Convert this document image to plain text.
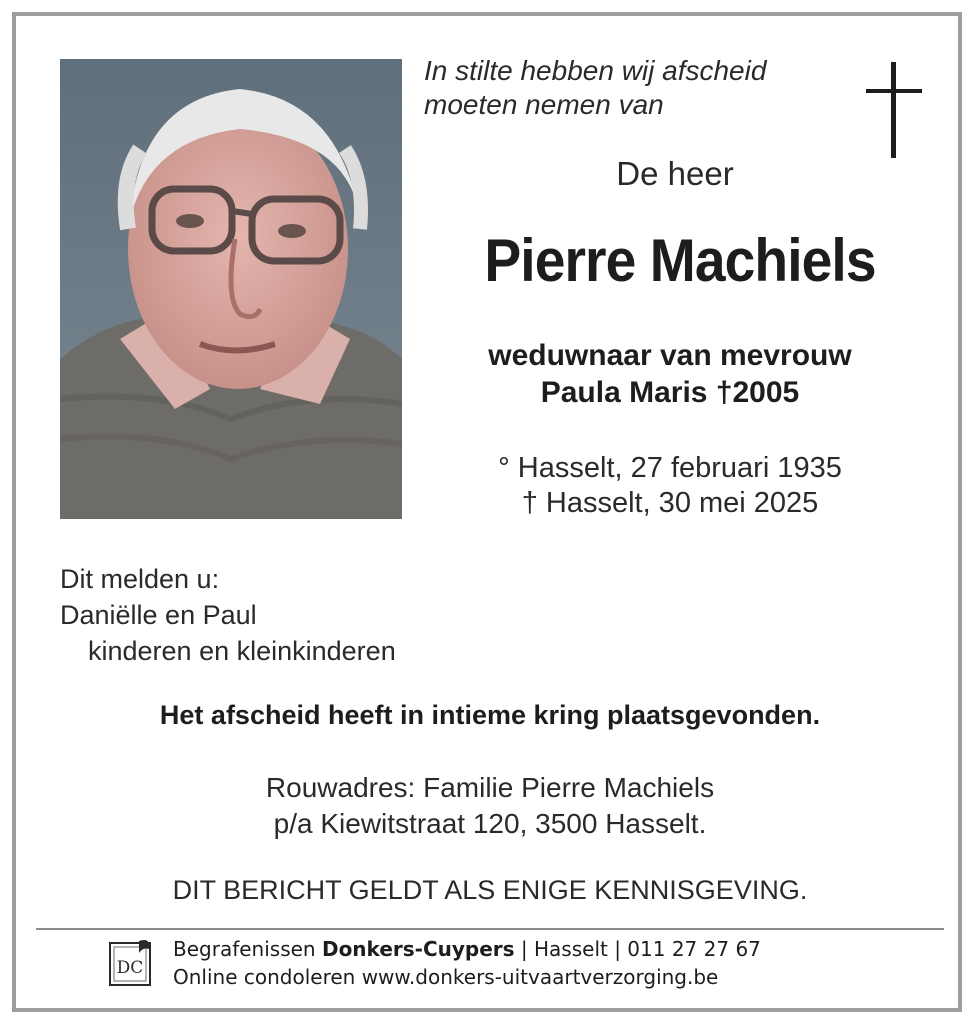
In stilte hebben wij afscheid
moeten nemen van
De heer
Pierre Machiels
weduwnaar van mevrouw
Paula Maris †2005
° Hasselt, 27 februari 1935
† Hasselt, 30 mei 2025
Dit melden u:
Daniëlle en Paul
kinderen en kleinkinderen
Het afscheid heeft in intieme kring plaatsgevonden.
Rouwadres: Familie Pierre Machiels
p/a Kiewitstraat 120, 3500 Hasselt.
DIT BERICHT GELDT ALS ENIGE KENNISGEVING.
DC
Begrafenissen Donkers-Cuypers | Hasselt | 011 27 27 67
Online condoleren www.donkers-uitvaartverzorging.be
